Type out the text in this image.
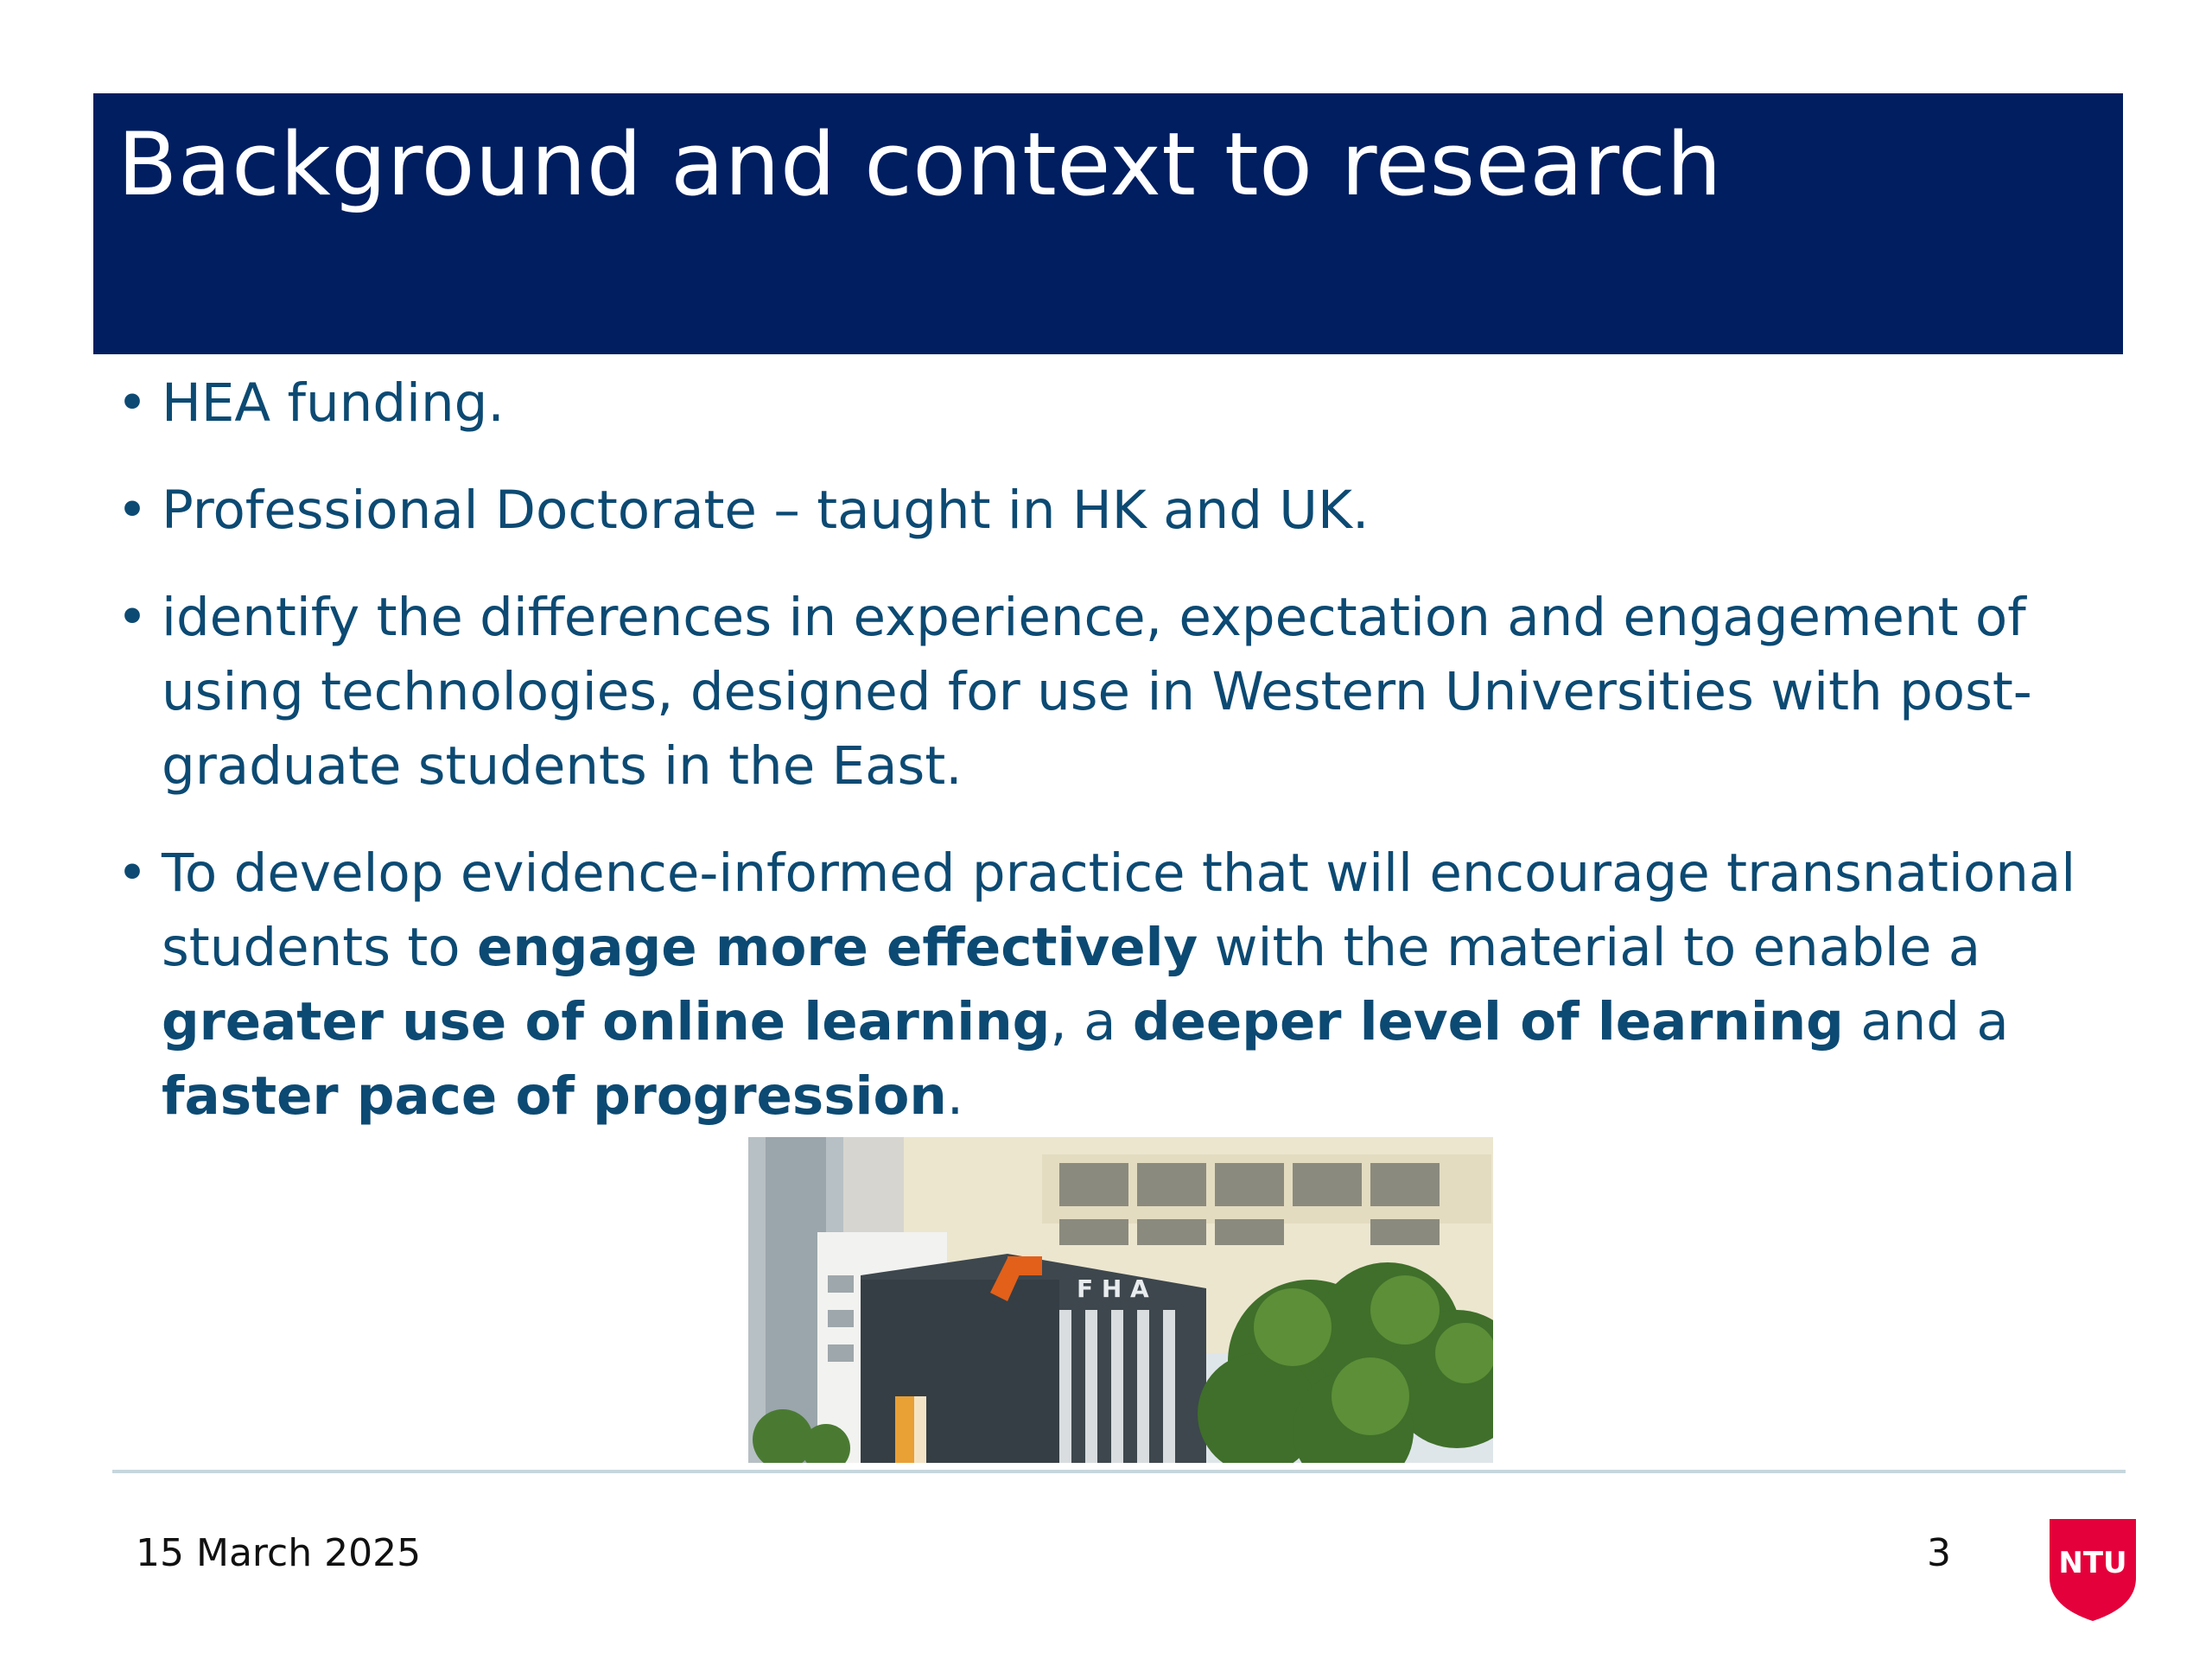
Background and context to research
• HEA funding.
• Professional Doctorate – taught in HK and UK.
• identify the differences in experience, expectation and engagement of using technologies, designed for use in Western Universities with post-graduate students in the East.
• To develop evidence-informed practice that will encourage transnational students to engage more effectively with the material to enable a greater use of online learning, a deeper level of learning and a faster pace of progression.
F H A
15 March 2025	3	NTU
